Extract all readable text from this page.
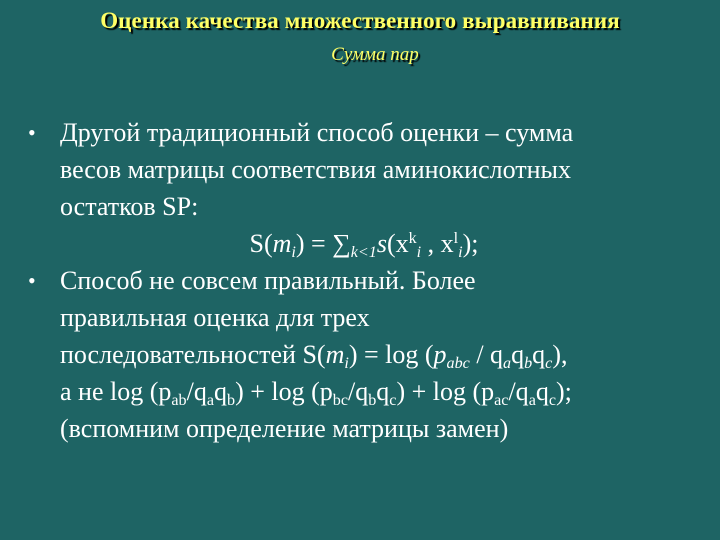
Оценка качества множественного выравнивания
Сумма пар
• Другой традиционный способ оценки – сумма
весов матрицы соответствия аминокислотных
остатков SP:
$S(m_i) = \sum_{k<1}s(x^k_i$ , $x^l_i$);
• Способ не совсем правильный. Более
правильная оценка для трех
последовательностей $S(m_i) = \log (p_{abc} / q_aq_bq_c)$,
а не $\log (p_{ab}/q_aq_b) + \log (p_{bc}/q_bq_c) + \log (p_{ac}/q_aq_c)$;
(вспомним определение матрицы замен)
